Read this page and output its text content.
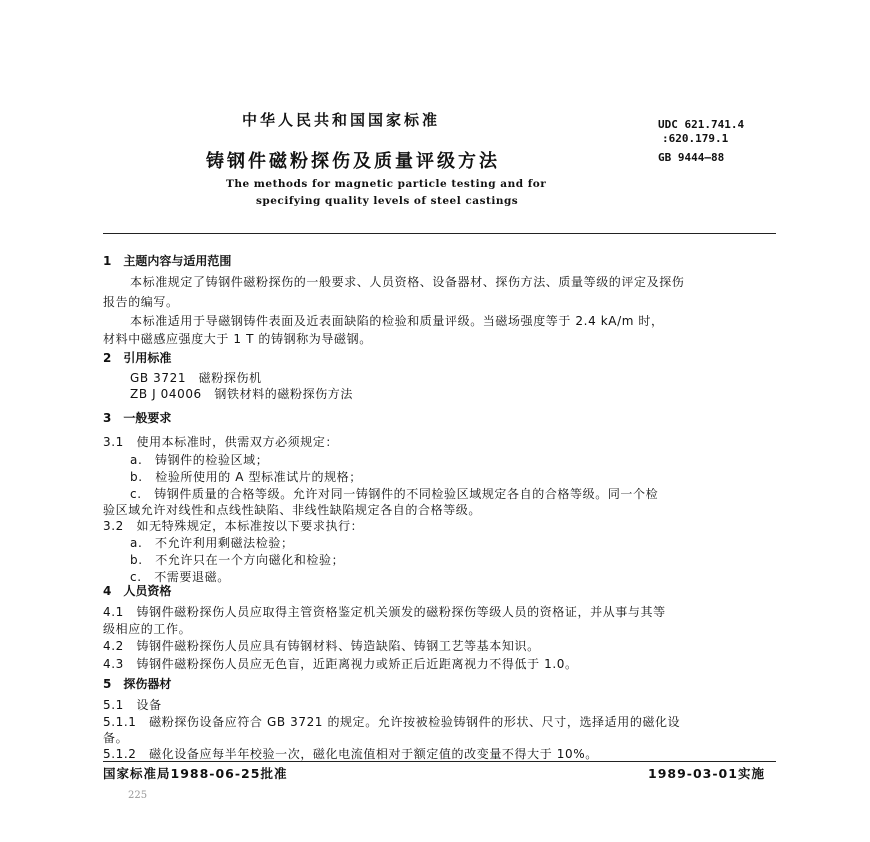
中华人民共和国国家标准	UDC 621.741.4
:620.179.1
GB 9444—88
铸钢件磁粉探伤及质量评级方法
The methods for magnetic particle testing and for
specifying quality levels of steel castings
1　主题内容与适用范围
本标准规定了铸钢件磁粉探伤的一般要求、人员资格、设备器材、探伤方法、质量等级的评定及探伤
报告的编写。
本标准适用于导磁钢铸件表面及近表面缺陷的检验和质量评级。当磁场强度等于 2.4 kA/m 时，
材料中磁感应强度大于 1 T 的铸钢称为导磁钢。
2　引用标准
GB 3721　磁粉探伤机
ZB J 04006　钢铁材料的磁粉探伤方法
3　一般要求
3.1　使用本标准时，供需双方必须规定：
a.　铸钢件的检验区域；
b.　检验所使用的 A 型标准试片的规格；
c.　铸钢件质量的合格等级。允许对同一铸钢件的不同检验区域规定各自的合格等级。同一个检
验区域允许对线性和点线性缺陷、非线性缺陷规定各自的合格等级。
3.2　如无特殊规定，本标准按以下要求执行：
a.　不允许利用剩磁法检验；
b.　不允许只在一个方向磁化和检验；
c.　不需要退磁。
4　人员资格
4.1　铸钢件磁粉探伤人员应取得主管资格鉴定机关颁发的磁粉探伤等级人员的资格证，并从事与其等
级相应的工作。
4.2　铸钢件磁粉探伤人员应具有铸钢材料、铸造缺陷、铸钢工艺等基本知识。
4.3　铸钢件磁粉探伤人员应无色盲，近距离视力或矫正后近距离视力不得低于 1.0。
5　探伤器材
5.1　设备
5.1.1　磁粉探伤设备应符合 GB 3721 的规定。允许按被检验铸钢件的形状、尺寸，选择适用的磁化设
备。
5.1.2　磁化设备应每半年校验一次，磁化电流值相对于额定值的改变量不得大于 10%。
国家标准局1988-06-25批准	1989-03-01实施
225
